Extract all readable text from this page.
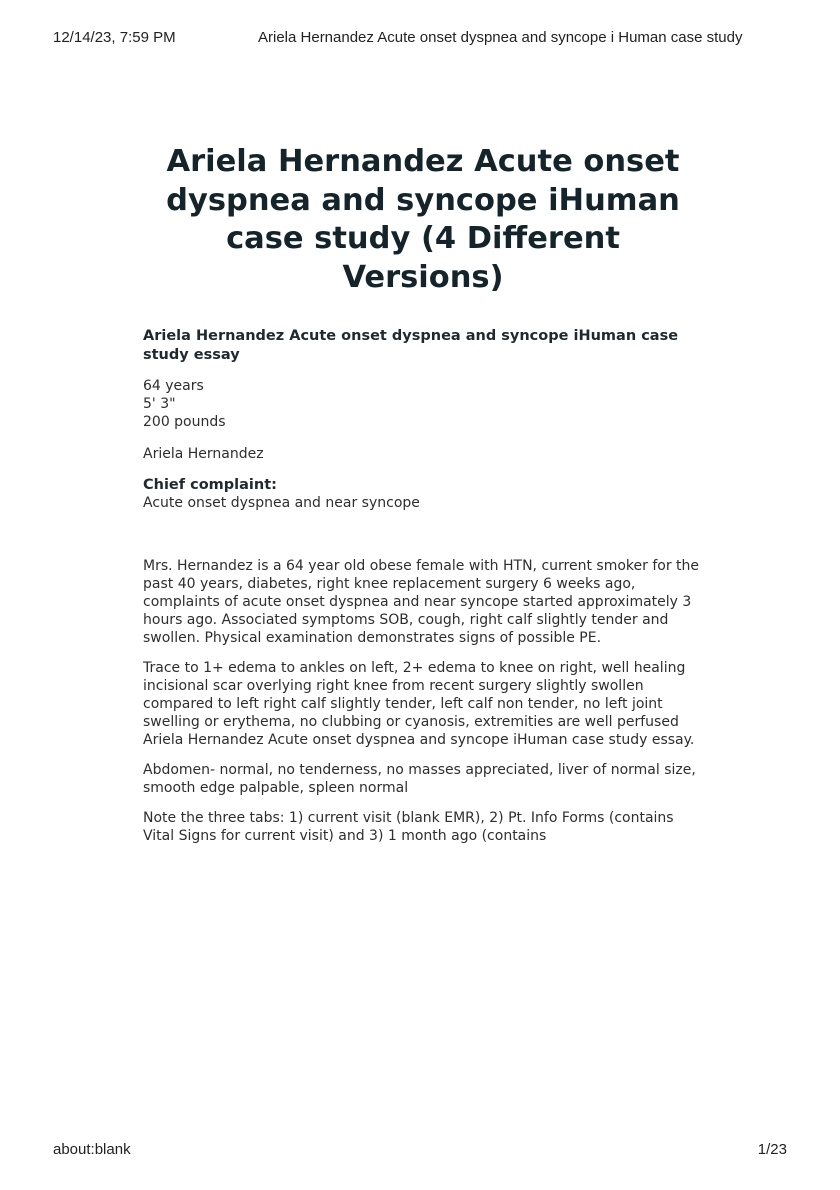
12/14/23, 7:59 PM	Ariela Hernandez Acute onset dyspnea and syncope i Human case study
Ariela Hernandez Acute onset dyspnea and syncope iHuman case study (4 Different Versions)
Ariela Hernandez Acute onset dyspnea and syncope iHuman case study essay
64 years
5' 3"
200 pounds
Ariela Hernandez
Chief complaint:
Acute onset dyspnea and near syncope

Mrs. Hernandez is a 64 year old obese female with HTN, current smoker for the past 40 years, diabetes, right knee replacement surgery 6 weeks ago, complaints of acute onset dyspnea and near syncope started approximately 3 hours ago. Associated symptoms SOB, cough, right calf slightly tender and swollen. Physical examination demonstrates signs of possible PE.

Trace to 1+ edema to ankles on left, 2+ edema to knee on right, well healing incisional scar overlying right knee from recent surgery slightly swollen compared to left right calf slightly tender, left calf non tender, no left joint swelling or erythema, no clubbing or cyanosis, extremities are well perfused Ariela Hernandez Acute onset dyspnea and syncope iHuman case study essay.

Abdomen- normal, no tenderness, no masses appreciated, liver of normal size, smooth edge palpable, spleen normal

Note the three tabs: 1) current visit (blank EMR), 2) Pt. Info Forms (contains Vital Signs for current visit) and 3) 1 month ago (contains

about:blank	1/23
